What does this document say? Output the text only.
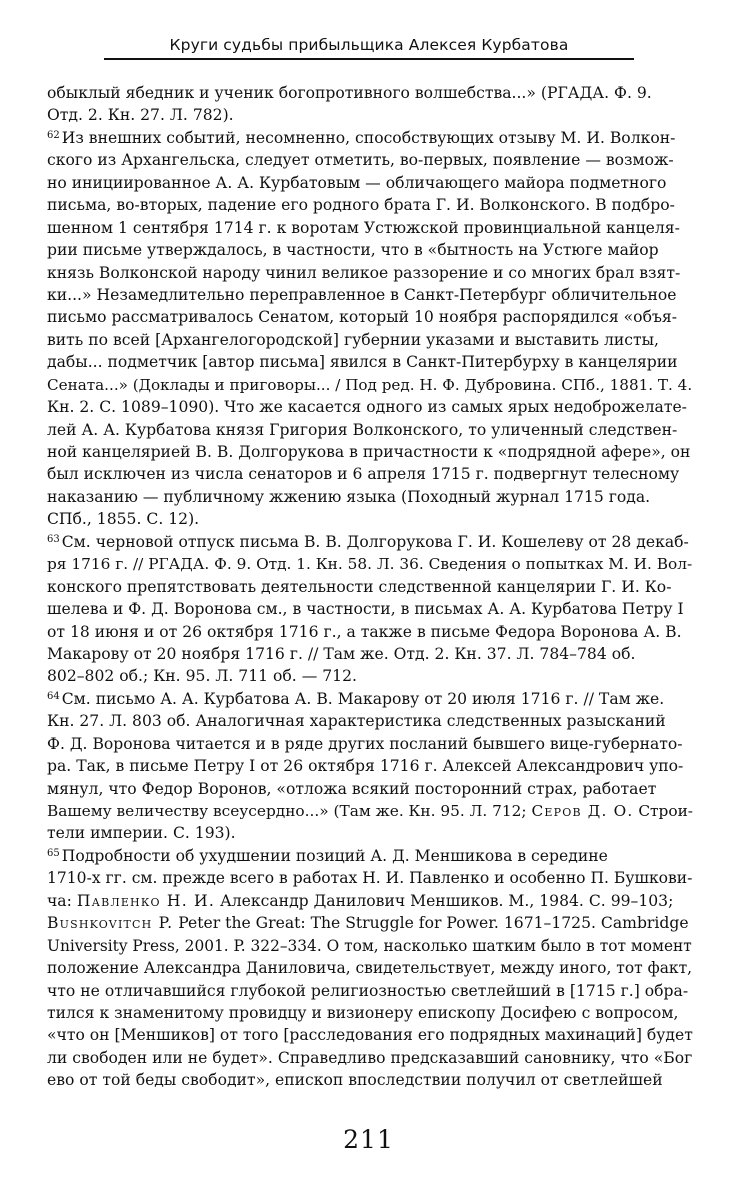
Круги судьбы прибыльщика Алексея Курбатова
обыклый ябедник и ученик богопротивного волшебства...» (РГАДА. Ф. 9.
Отд. 2. Кн. 27. Л. 782).
$^{62}$ Из внешних событий, несомненно, способствующих отзыву М. И. Волкон-
ского из Архангельска, следует отметить, во-первых, появление — возмож-
но инициированное А. А. Курбатовым — обличающего майора подметного
письма, во-вторых, падение его родного брата Г. И. Волконского. В подбро-
шенном 1 сентября 1714 г. к воротам Устюжской провинциальной канцеля-
рии письме утверждалось, в частности, что в «бытность на Устюге майор
князь Волконской народу чинил великое раззорение и со многих брал взят-
ки...» Незамедлительно переправленное в Санкт-Петербург обличительное
письмо рассматривалось Сенатом, который 10 ноября распорядился «объя-
вить по всей [Архангелогородской] губернии указами и выставить листы,
дабы... подметчик [автор письма] явился в Санкт-Питербурху в канцелярии
Сената...» (Доклады и приговоры... / Под ред. Н. Ф. Дубровина. СПб., 1881. Т. 4.
Кн. 2. С. 1089–1090). Что же касается одного из самых ярых недоброжелате-
лей А. А. Курбатова князя Григория Волконского, то уличенный следствен-
ной канцелярией В. В. Долгорукова в причастности к «подрядной афере», он
был исключен из числа сенаторов и 6 апреля 1715 г. подвергнут телесному
наказанию — публичному жжению языка (Походный журнал 1715 года.
СПб., 1855. С. 12).
$^{63}$ См. черновой отпуск письма В. В. Долгорукова Г. И. Кошелеву от 28 декаб-
ря 1716 г. // РГАДА. Ф. 9. Отд. 1. Кн. 58. Л. 36. Сведения о попытках М. И. Вол-
конского препятствовать деятельности следственной канцелярии Г. И. Ко-
шелева и Ф. Д. Воронова см., в частности, в письмах А. А. Курбатова Петру I
от 18 июня и от 26 октября 1716 г., а также в письме Федора Воронова А. В.
Макарову от 20 ноября 1716 г. // Там же. Отд. 2. Кн. 37. Л. 784–784 об.
802–802 об.; Кн. 95. Л. 711 об. — 712.
$^{64}$ См. письмо А. А. Курбатова А. В. Макарову от 20 июля 1716 г. // Там же.
Кн. 27. Л. 803 об. Аналогичная характеристика следственных разысканий
Ф. Д. Воронова читается и в ряде других посланий бывшего вице-губернато-
ра. Так, в письме Петру I от 26 октября 1716 г. Алексей Александрович упо-
мянул, что Федор Воронов, «отложа всякий посторонний страх, работает
Вашему величеству всеусердно...» (Там же. Кн. 95. Л. 712; Серов Д. О. Строи-
тели империи. С. 193).
$^{65}$ Подробности об ухудшении позиций А. Д. Меншикова в середине
1710-х гг. см. прежде всего в работах Н. И. Павленко и особенно П. Бушкови-
ча: Павленко Н. И. Александр Данилович Меншиков. М., 1984. С. 99–103;
Bushkovitch P. Peter the Great: The Struggle for Power. 1671–1725. Cambridge
University Press, 2001. P. 322–334. О том, насколько шатким было в тот момент
положение Александра Даниловича, свидетельствует, между иного, тот факт,
что не отличавшийся глубокой религиозностью светлейший в [1715 г.] обра-
тился к знаменитому провидцу и визионеру епископу Досифею с вопросом,
«что он [Меншиков] от того [расследования его подрядных махинаций] будет
ли свободен или не будет». Справедливо предсказавший сановнику, что «Бог
ево от той беды свободит», епископ впоследствии получил от светлейшей
211
